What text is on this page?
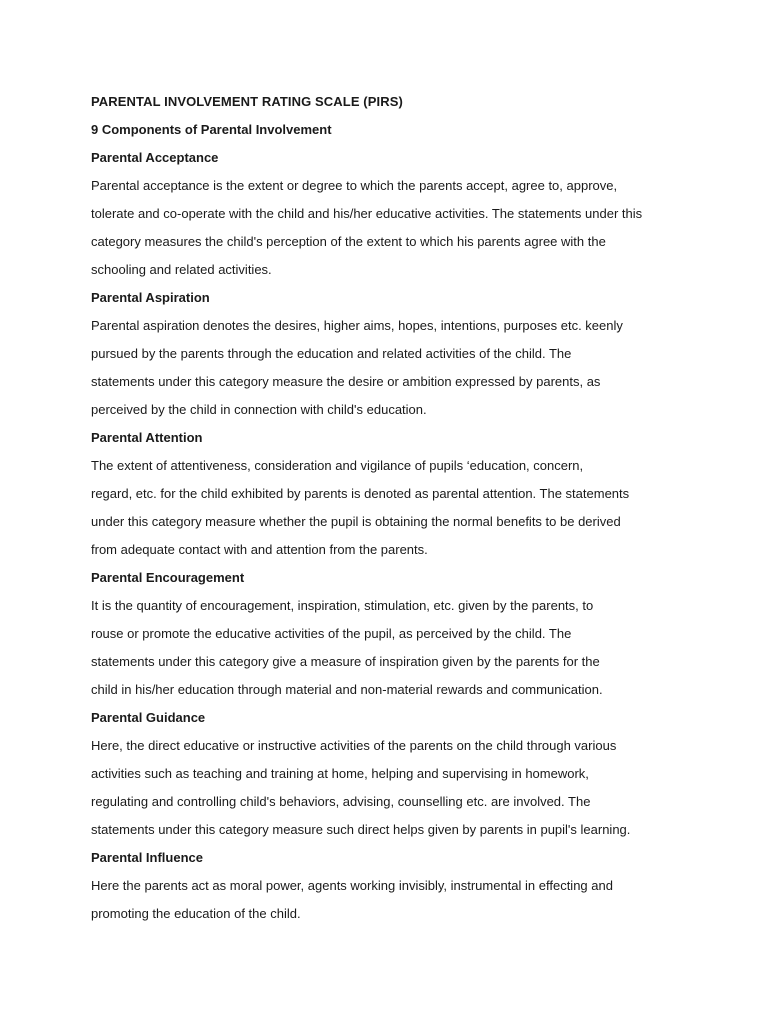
PARENTAL INVOLVEMENT RATING SCALE (PIRS)

9 Components of Parental Involvement

Parental Acceptance

Parental acceptance is the extent or degree to which the parents accept, agree to, approve,
tolerate and co-operate with the child and his/her educative activities. The statements under this
category measures the child's perception of the extent to which his parents agree with the
schooling and related activities.

Parental Aspiration

Parental aspiration denotes the desires, higher aims, hopes, intentions, purposes etc. keenly
pursued by the parents through the education and related activities of the child. The
statements under this category measure the desire or ambition expressed by parents, as
perceived by the child in connection with child's education.

Parental Attention

The extent of attentiveness, consideration and vigilance of pupils ‘education, concern,
regard, etc. for the child exhibited by parents is denoted as parental attention. The statements
under this category measure whether the pupil is obtaining the normal benefits to be derived
from adequate contact with and attention from the parents.

Parental Encouragement

It is the quantity of encouragement, inspiration, stimulation, etc. given by the parents, to
rouse or promote the educative activities of the pupil, as perceived by the child. The
statements under this category give a measure of inspiration given by the parents for the
child in his/her education through material and non-material rewards and communication.

Parental Guidance

Here, the direct educative or instructive activities of the parents on the child through various
activities such as teaching and training at home, helping and supervising in homework,
regulating and controlling child's behaviors, advising, counselling etc. are involved. The
statements under this category measure such direct helps given by parents in pupil's learning.

Parental Influence

Here the parents act as moral power, agents working invisibly, instrumental in effecting and
promoting the education of the child.
